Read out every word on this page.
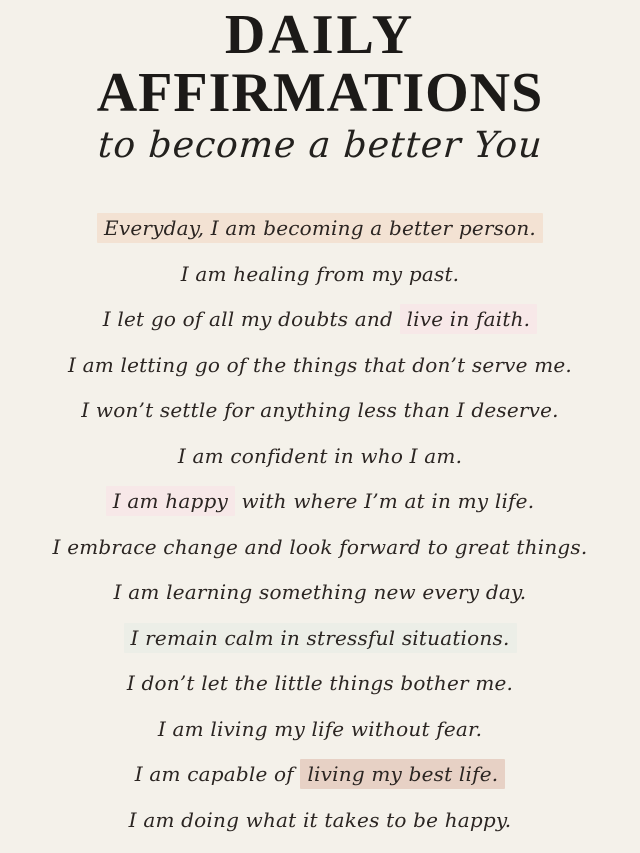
DAILY
AFFIRMATIONS
to become a better You

Everyday, I am becoming a better person.

I am healing from my past.

I let go of all my doubts and live in faith.

I am letting go of the things that don’t serve me.

I won’t settle for anything less than I deserve.

I am confident in who I am.

I am happy with where I’m at in my life.

I embrace change and look forward to great things.

I am learning something new every day.

I remain calm in stressful situations.

I don’t let the little things bother me.

I am living my life without fear.

I am capable of living my best life.

I am doing what it takes to be happy.
